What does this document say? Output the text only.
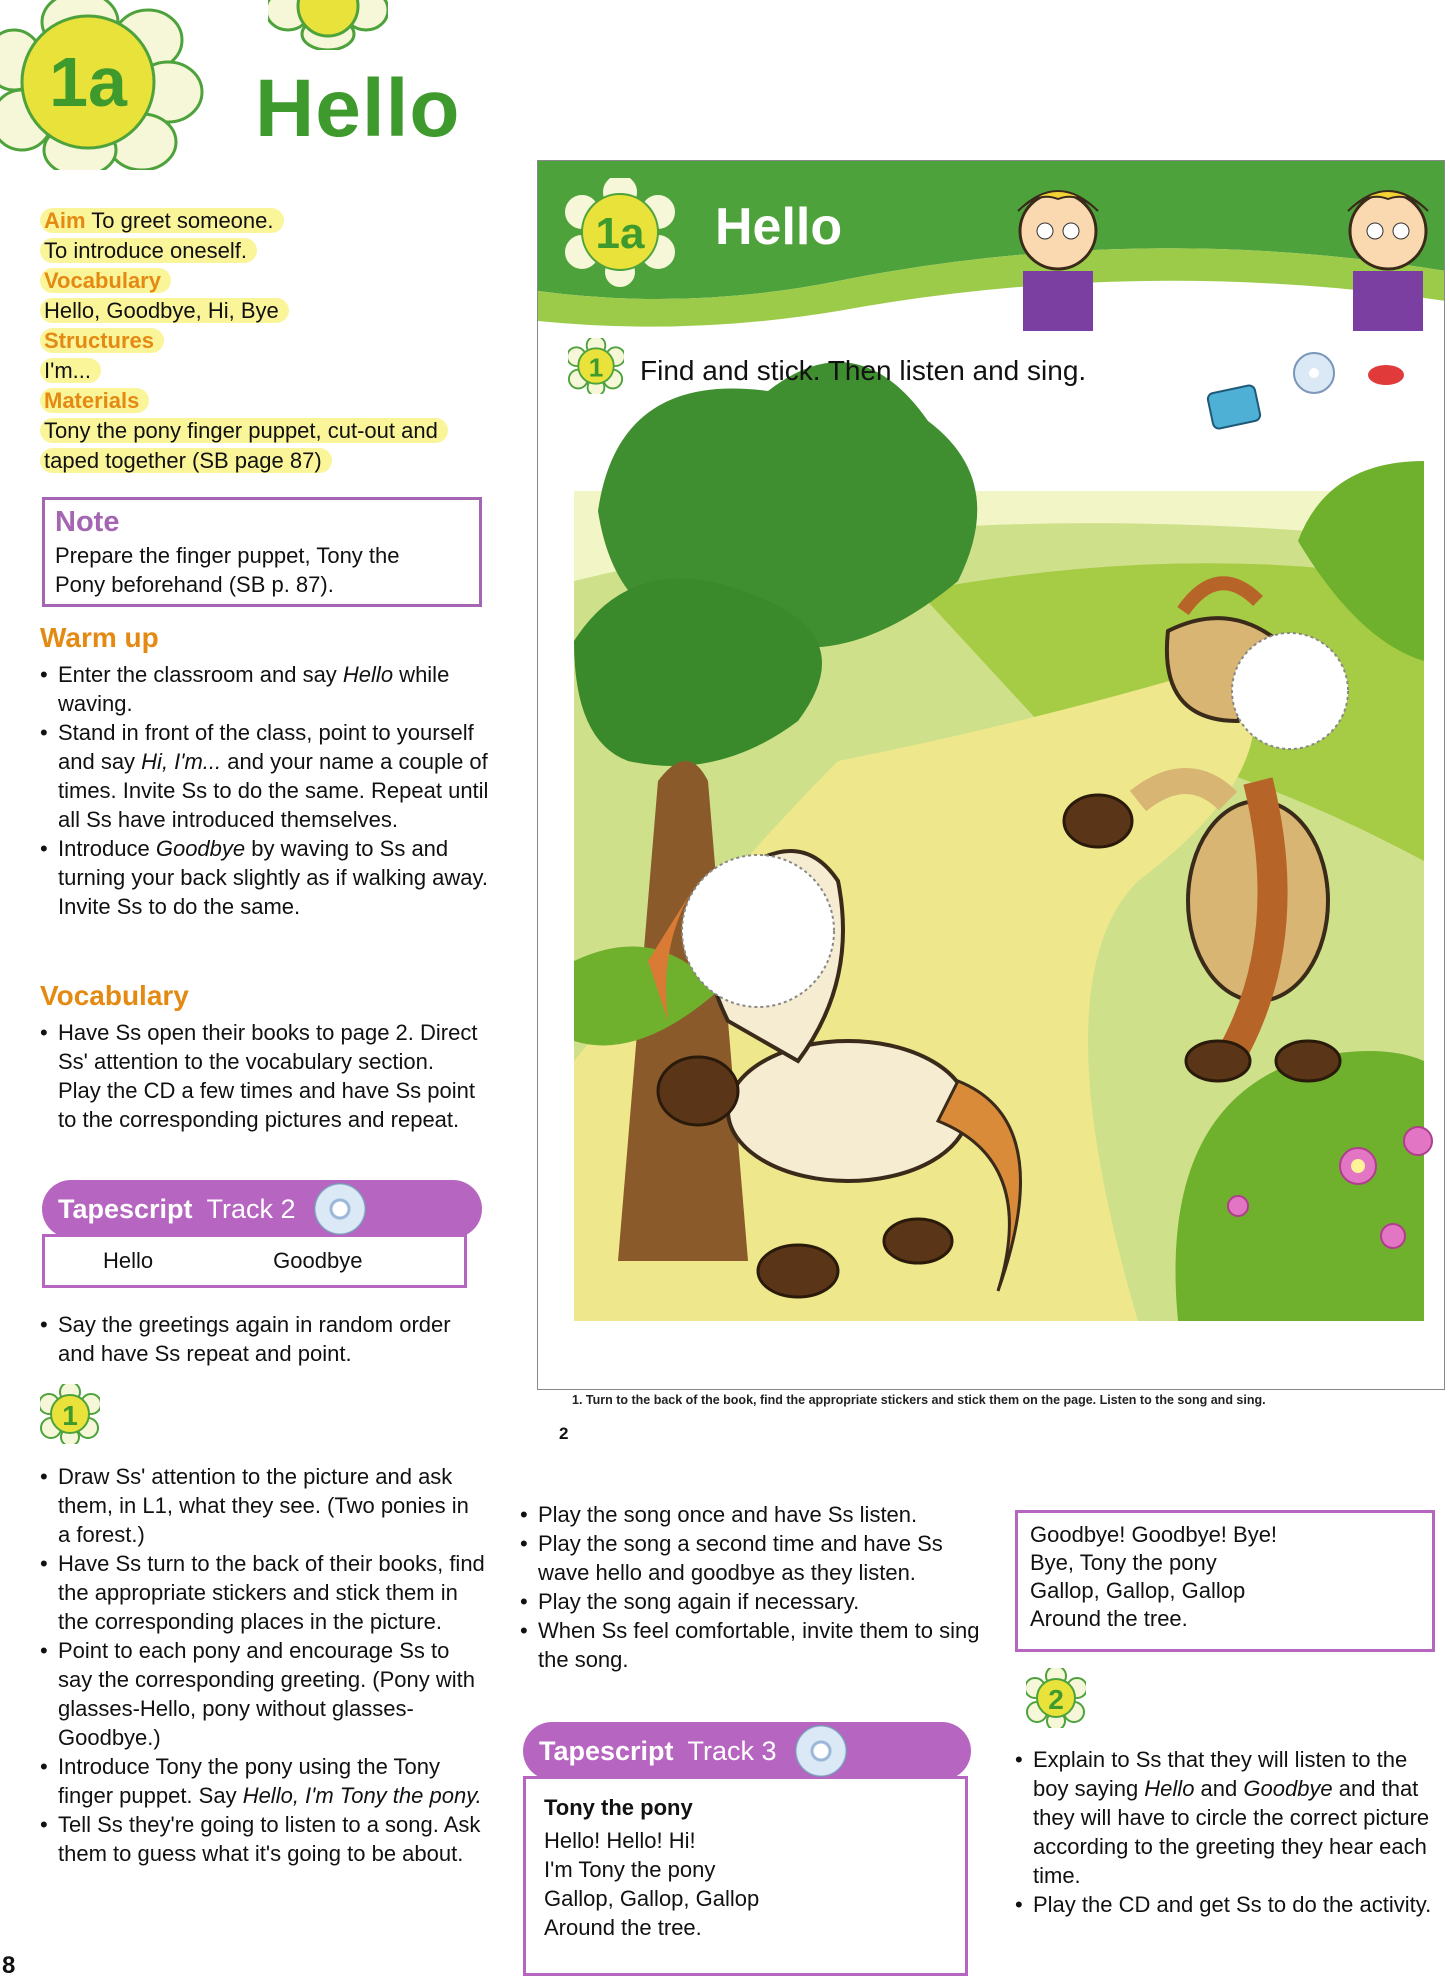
1a Hello
Aim To greet someone.
To introduce oneself.
Vocabulary
Hello, Goodbye, Hi, Bye
Structures
I'm...
Materials
Tony the pony finger puppet, cut-out and
taped together (SB page 87)
Note
Prepare the finger puppet, Tony the
Pony beforehand (SB p. 87).
Warm up
• Enter the classroom and say Hello while waving.
• Stand in front of the class, point to yourself and say Hi, I'm... and your name a couple of times. Invite Ss to do the same. Repeat until all Ss have introduced themselves.
• Introduce Goodbye by waving to Ss and turning your back slightly as if walking away. Invite Ss to do the same.
Vocabulary
• Have Ss open their books to page 2. Direct Ss' attention to the vocabulary section. Play the CD a few times and have Ss point to the corresponding pictures and repeat.
Tapescript Track 2
Hello	Goodbye
• Say the greetings again in random order and have Ss repeat and point.
1
• Draw Ss' attention to the picture and ask them, in L1, what they see. (Two ponies in a forest.)
• Have Ss turn to the back of their books, find the appropriate stickers and stick them in the corresponding places in the picture.
• Point to each pony and encourage Ss to say the corresponding greeting. (Pony with glasses-Hello, pony without glasses-Goodbye.)
• Introduce Tony the pony using the Tony finger puppet. Say Hello, I'm Tony the pony.
• Tell Ss they're going to listen to a song. Ask them to guess what it's going to be about.
1a Hello
1 Find and stick. Then listen and sing.
1. Turn to the back of the book, find the appropriate stickers and stick them on the page. Listen to the song and sing.
2
• Play the song once and have Ss listen.
• Play the song a second time and have Ss wave hello and goodbye as they listen.
• Play the song again if necessary.
• When Ss feel comfortable, invite them to sing the song.
Tapescript Track 3
Tony the pony
Hello! Hello! Hi!
I'm Tony the pony
Gallop, Gallop, Gallop
Around the tree.
Goodbye! Goodbye! Bye!
Bye, Tony the pony
Gallop, Gallop, Gallop
Around the tree.
2
• Explain to Ss that they will listen to the boy saying Hello and Goodbye and that they will have to circle the correct picture according to the greeting they hear each time.
• Play the CD and get Ss to do the activity.
8
